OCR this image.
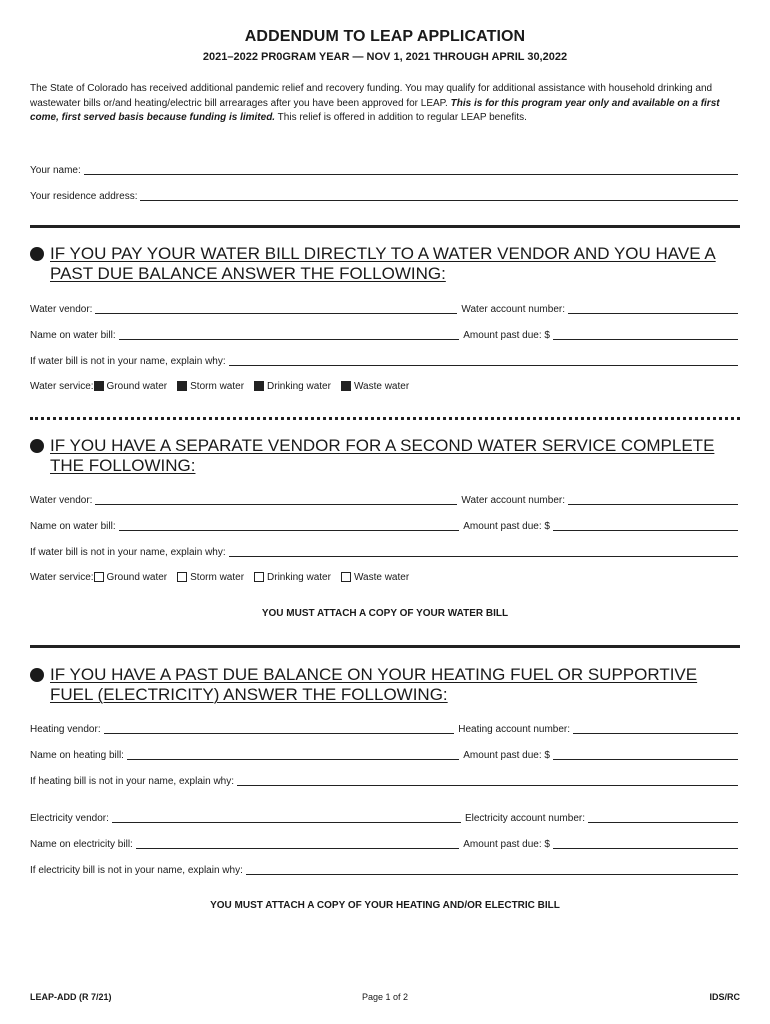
ADDENDUM TO LEAP APPLICATION
2021–2022 PR0GRAM YEAR — NOV 1, 2021 THROUGH APRIL 30,2022
The State of Colorado has received additional pandemic relief and recovery funding. You may qualify for additional assistance with household drinking and wastewater bills or/and heating/electric bill arrearages after you have been approved for LEAP. This is for this program year only and available on a first come, first served basis because funding is limited. This relief is offered in addition to regular LEAP benefits.
Your name:
Your residence address:
IF YOU PAY YOUR WATER BILL DIRECTLY TO A WATER VENDOR AND YOU HAVE A PAST DUE BALANCE ANSWER THE FOLLOWING:
Water vendor:	Water account number:
Name on water bill:	Amount past due: $
If water bill is not in your name, explain why:
Water service: Ground water Storm water Drinking water Waste water
IF YOU HAVE A SEPARATE VENDOR FOR A SECOND WATER SERVICE COMPLETE THE FOLLOWING:
Water vendor:	Water account number:
Name on water bill:	Amount past due: $
If water bill is not in your name, explain why:
Water service: Ground water Storm water Drinking water Waste water
YOU MUST ATTACH A COPY OF YOUR WATER BILL
IF YOU HAVE A PAST DUE BALANCE ON YOUR HEATING FUEL OR SUPPORTIVE FUEL (ELECTRICITY) ANSWER THE FOLLOWING:
Heating vendor:	Heating account number:
Name on heating bill:	Amount past due: $
If heating bill is not in your name, explain why:
Electricity vendor:	Electricity account number:
Name on electricity bill:	Amount past due: $
If electricity bill is not in your name, explain why:
YOU MUST ATTACH A COPY OF YOUR HEATING AND/OR ELECTRIC BILL
LEAP-ADD (R 7/21)	Page 1 of 2	IDS/RC
